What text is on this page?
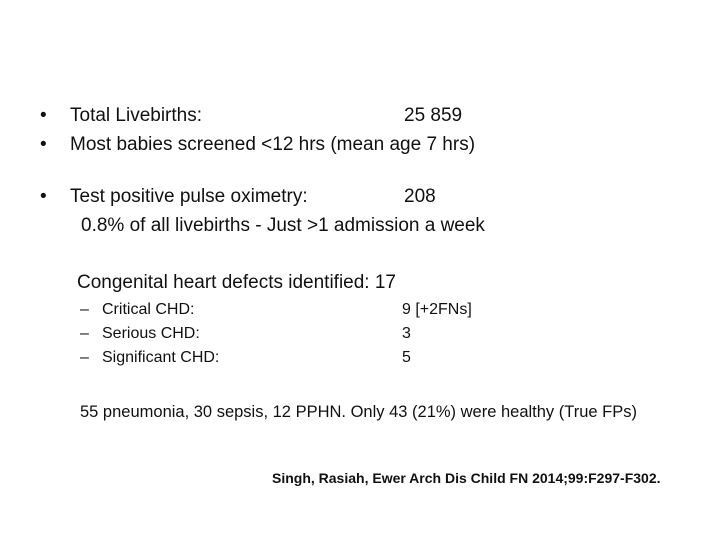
•	Total Livebirths:	25 859
•	Most babies screened <12 hrs (mean age 7 hrs)
•	Test positive pulse oximetry:	208
0.8% of all livebirths - Just >1 admission a week
Congenital heart defects identified: 17
– Critical CHD:	9 [+2FNs]
– Serious CHD:	3
– Significant CHD:	5
55 pneumonia, 30 sepsis, 12 PPHN. Only 43 (21%) were healthy (True FPs)
Singh, Rasiah, Ewer Arch Dis Child FN 2014;99:F297-F302.
